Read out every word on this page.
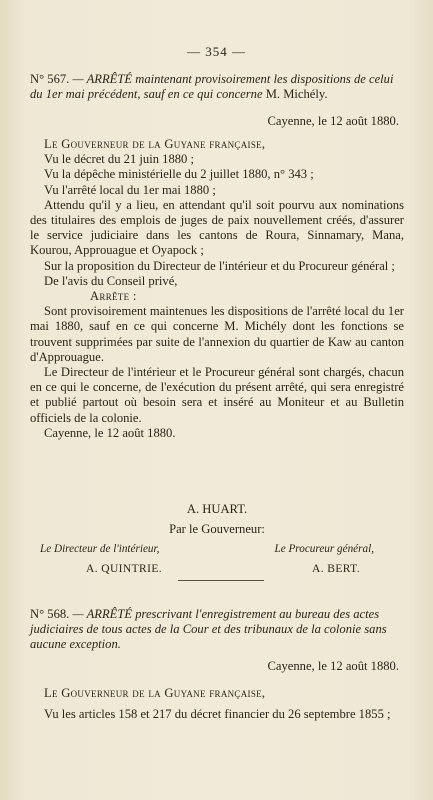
— 354 —
N° 567. — ARRÊTÉ maintenant provisoirement les dispositions de celui du 1er mai précédent, sauf en ce qui concerne M. Michély.
Cayenne, le 12 août 1880.

Le Gouverneur de la Guyane française,

Vu le décret du 21 juin 1880 ;

Vu la dépêche ministérielle du 2 juillet 1880, n° 343 ;

Vu l'arrêté local du 1er mai 1880 ;

Attendu qu'il y a lieu, en attendant qu'il soit pourvu aux nominations des titulaires des emplois de juges de paix nouvellement créés, d'assurer le service judiciaire dans les cantons de Roura, Sinnamary, Mana, Kourou, Approuague et Oyapock ;

Sur la proposition du Directeur de l'intérieur et du Procureur général ;

De l'avis du Conseil privé,

Arrête :

Sont provisoirement maintenues les dispositions de l'arrêté local du 1er mai 1880, sauf en ce qui concerne M. Michély dont les fonctions se trouvent supprimées par suite de l'annexion du quartier de Kaw au canton d'Approuague.

Le Directeur de l'intérieur et le Procureur général sont chargés, chacun en ce qui le concerne, de l'exécution du présent arrêté, qui sera enregistré et publié partout où besoin sera et inséré au Moniteur et au Bulletin officiels de la colonie.

Cayenne, le 12 août 1880.

A. HUART.
Par le Gouverneur:
Le Directeur de l'intérieur,	Le Procureur général,
A. QUINTRIE.	A. BERT.
N° 568. — ARRÊTÉ prescrivant l'enregistrement au bureau des actes judiciaires de tous actes de la Cour et des tribunaux de la colonie sans aucune exception.
Cayenne, le 12 août 1880.

Le Gouverneur de la Guyane française,

Vu les articles 158 et 217 du décret financier du 26 septembre 1855 ;
